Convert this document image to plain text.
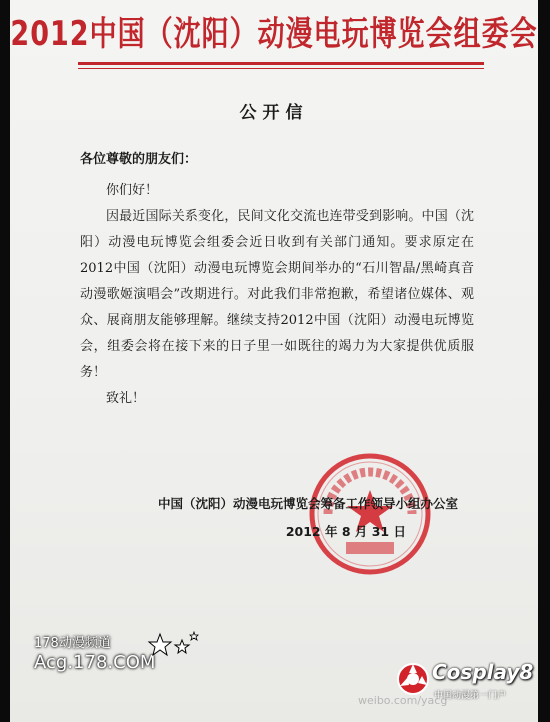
2012中国（沈阳）动漫电玩博览会组委会
公开信
各位尊敬的朋友们：

你们好！

因最近国际关系变化，民间文化交流也连带受到影响。中国（沈阳）动漫电玩博览会组委会近日收到有关部门通知。要求原定在2012中国（沈阳）动漫电玩博览会期间举办的“石川智晶/黑崎真音动漫歌姬演唱会”改期进行。对此我们非常抱歉，希望诸位媒体、观众、展商朋友能够理解。继续支持2012中国（沈阳）动漫电玩博览会，组委会将在接下来的日子里一如既往的竭力为大家提供优质服务！

致礼！

中国（沈阳）动漫电玩博览会筹备工作领导小组办公室
2012 年 8 月 31 日
178动漫频道
Acg.178.COM
weibo.com/yacg
Cosplay8
中国动漫第一门户
